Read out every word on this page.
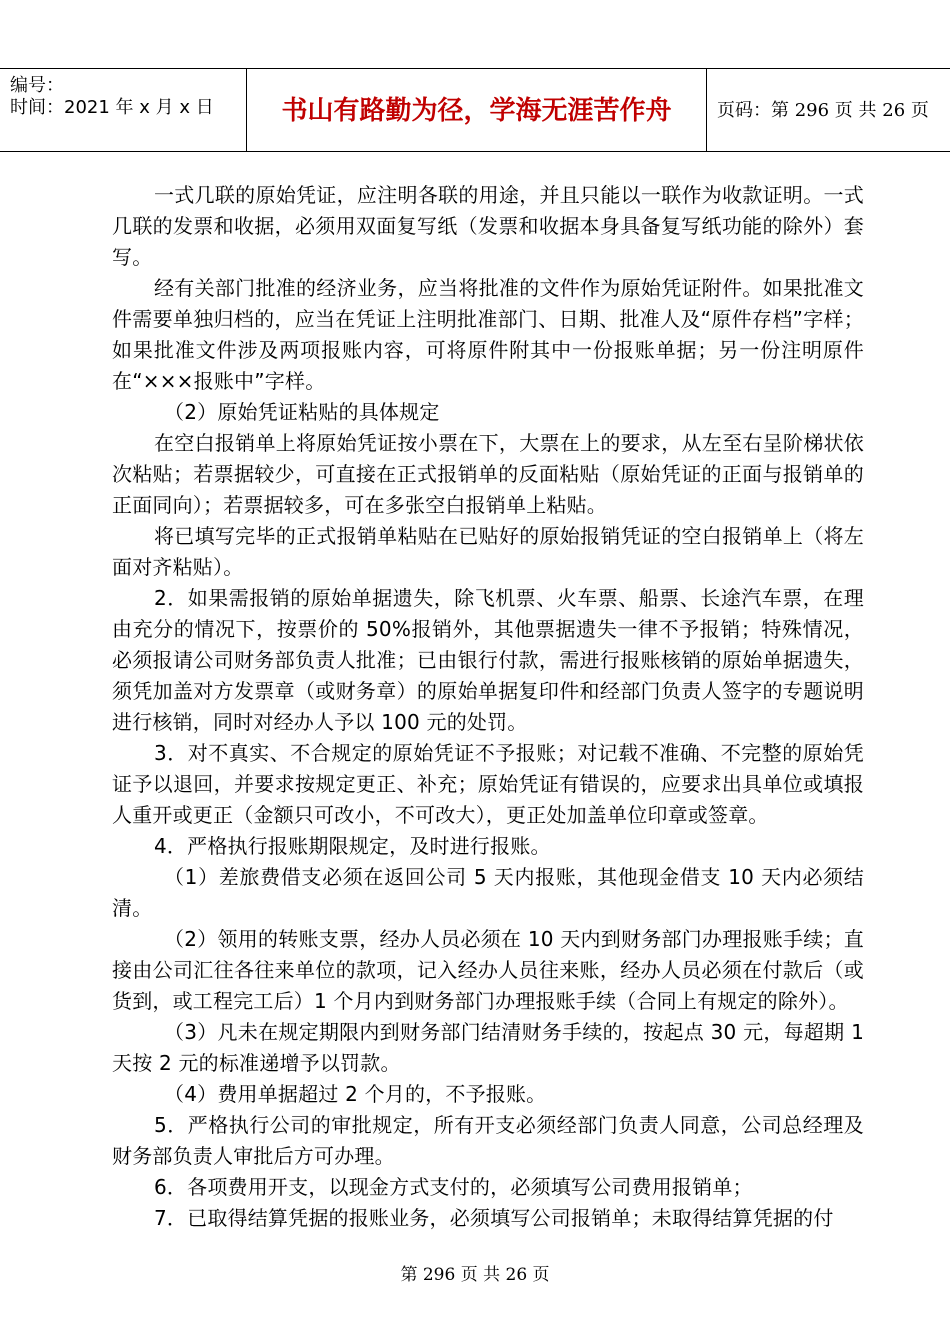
编号：
时间：2021 年 x 月 x 日	书山有路勤为径，学海无涯苦作舟	页码：第 296 页 共 26 页

一式几联的原始凭证，应注明各联的用途，并且只能以一联作为收款证明。一式几联的发票和收据，必须用双面复写纸（发票和收据本身具备复写纸功能的除外）套写。

经有关部门批准的经济业务，应当将批准的文件作为原始凭证附件。如果批准文件需要单独归档的，应当在凭证上注明批准部门、日期、批准人及“原件存档”字样；如果批准文件涉及两项报账内容，可将原件附其中一份报账单据；另一份注明原件在“×××报账中”字样。

（2）原始凭证粘贴的具体规定

在空白报销单上将原始凭证按小票在下，大票在上的要求，从左至右呈阶梯状依次粘贴；若票据较少，可直接在正式报销单的反面粘贴（原始凭证的正面与报销单的正面同向）；若票据较多，可在多张空白报销单上粘贴。

将已填写完毕的正式报销单粘贴在已贴好的原始报销凭证的空白报销单上（将左面对齐粘贴）。

2．如果需报销的原始单据遗失，除飞机票、火车票、船票、长途汽车票，在理由充分的情况下，按票价的 50%报销外，其他票据遗失一律不予报销；特殊情况，必须报请公司财务部负责人批准；已由银行付款，需进行报账核销的原始单据遗失，须凭加盖对方发票章（或财务章）的原始单据复印件和经部门负责人签字的专题说明进行核销，同时对经办人予以 100 元的处罚。

3．对不真实、不合规定的原始凭证不予报账；对记载不准确、不完整的原始凭证予以退回，并要求按规定更正、补充；原始凭证有错误的，应要求出具单位或填报人重开或更正（金额只可改小，不可改大），更正处加盖单位印章或签章。

4．严格执行报账期限规定，及时进行报账。

（1）差旅费借支必须在返回公司 5 天内报账，其他现金借支 10 天内必须结清。

（2）领用的转账支票，经办人员必须在 10 天内到财务部门办理报账手续；直接由公司汇往各往来单位的款项，记入经办人员往来账，经办人员必须在付款后（或货到，或工程完工后）1 个月内到财务部门办理报账手续（合同上有规定的除外）。

（3）凡未在规定期限内到财务部门结清财务手续的，按起点 30 元，每超期 1 天按 2 元的标准递增予以罚款。

（4）费用单据超过 2 个月的，不予报账。

5．严格执行公司的审批规定，所有开支必须经部门负责人同意，公司总经理及财务部负责人审批后方可办理。

6．各项费用开支，以现金方式支付的，必须填写公司费用报销单；

7．已取得结算凭据的报账业务，必须填写公司报销单；未取得结算凭据的付

第 296 页 共 26 页
